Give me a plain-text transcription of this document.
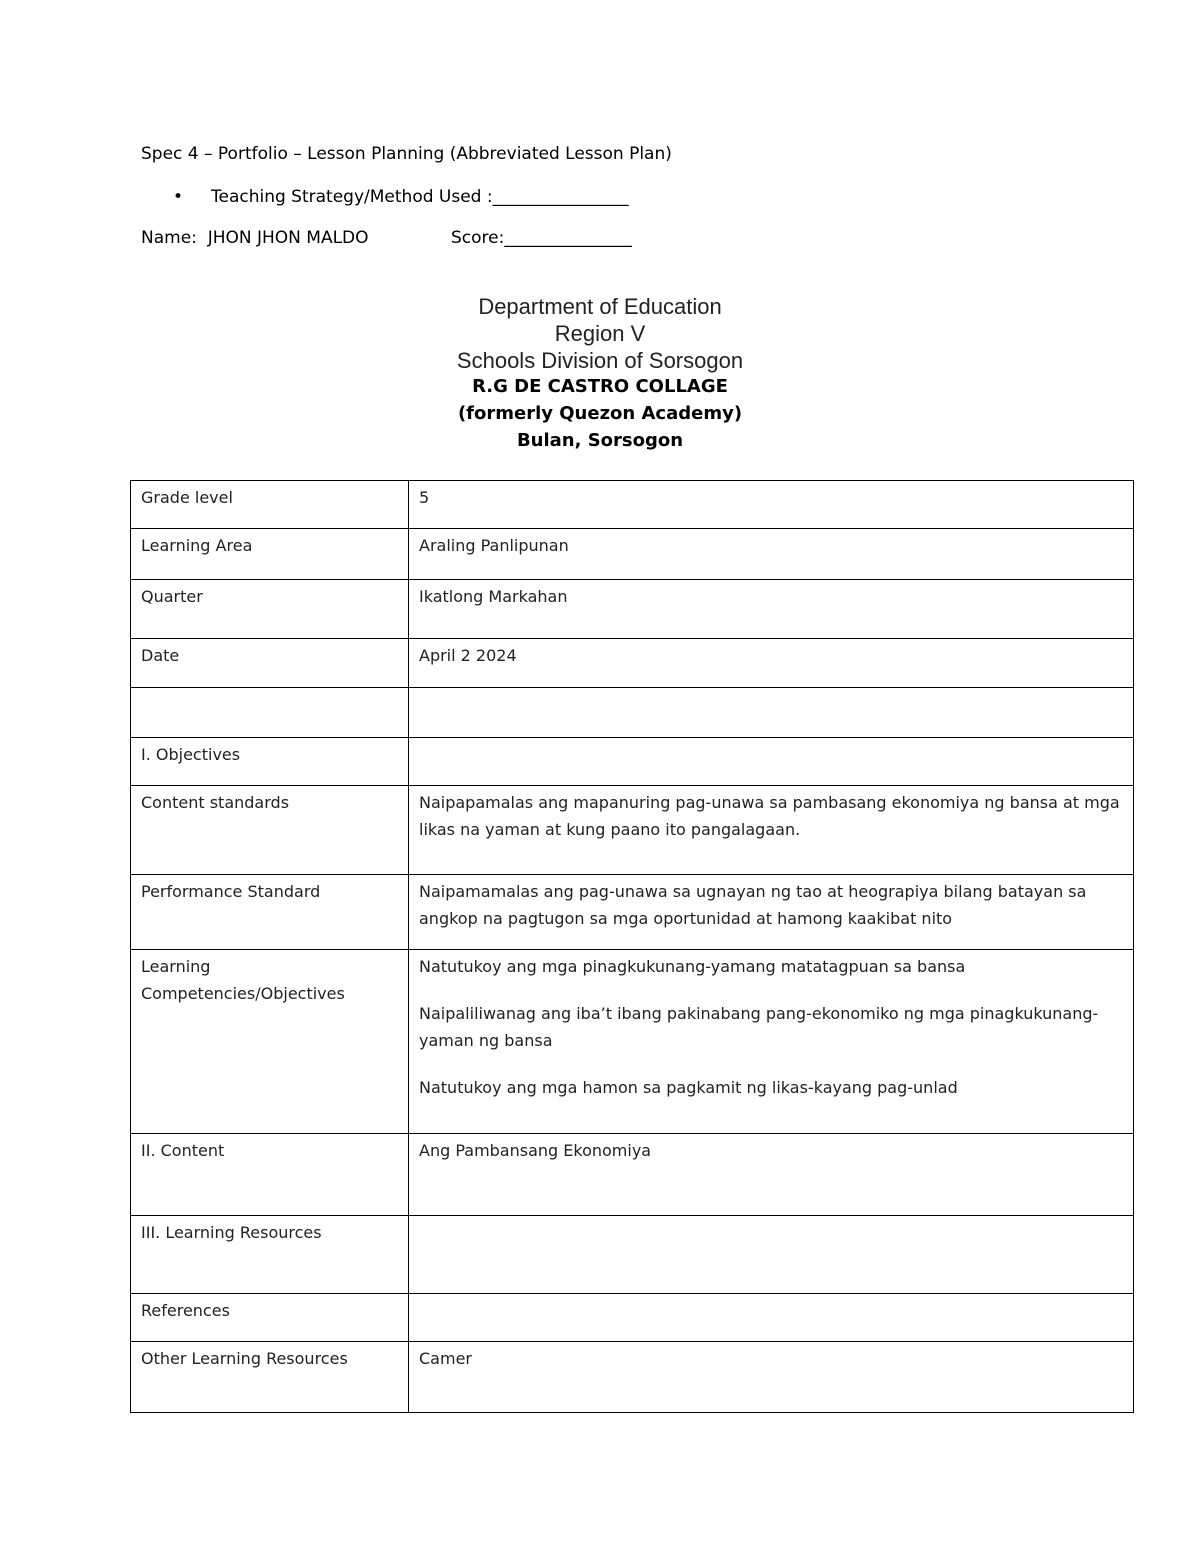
Spec 4 – Portfolio – Lesson Planning (Abbreviated Lesson Plan)
• Teaching Strategy/Method Used :________________
Name:  JHON JHON MALDO	Score:_______________
Department of Education
Region V
Schools Division of Sorsogon
R.G DE CASTRO COLLAGE
(formerly Quezon Academy)
Bulan, Sorsogon
Grade level	5
Learning Area	Araling Panlipunan
Quarter	Ikatlong Markahan
Date	April 2 2024

I. Objectives	
Content standards	Naipapamalas ang mapanuring pag-unawa sa pambasang ekonomiya ng bansa at mga likas na yaman at kung paano ito pangalagaan.
Performance Standard	Naipamamalas ang pag-unawa sa ugnayan ng tao at heograpiya bilang batayan sa angkop na pagtugon sa mga oportunidad at hamong kaakibat nito
Learning Competencies/Objectives	Natutukoy ang mga pinagkukunang-yamang matatagpuan sa bansa

Naipaliliwanag ang iba’t ibang pakinabang pang-ekonomiko ng mga pinagkukunang-yaman ng bansa

Natutukoy ang mga hamon sa pagkamit ng likas-kayang pag-unlad

II. Content	Ang Pambansang Ekonomiya
III. Learning Resources	
References	
Other Learning Resources	Camer
